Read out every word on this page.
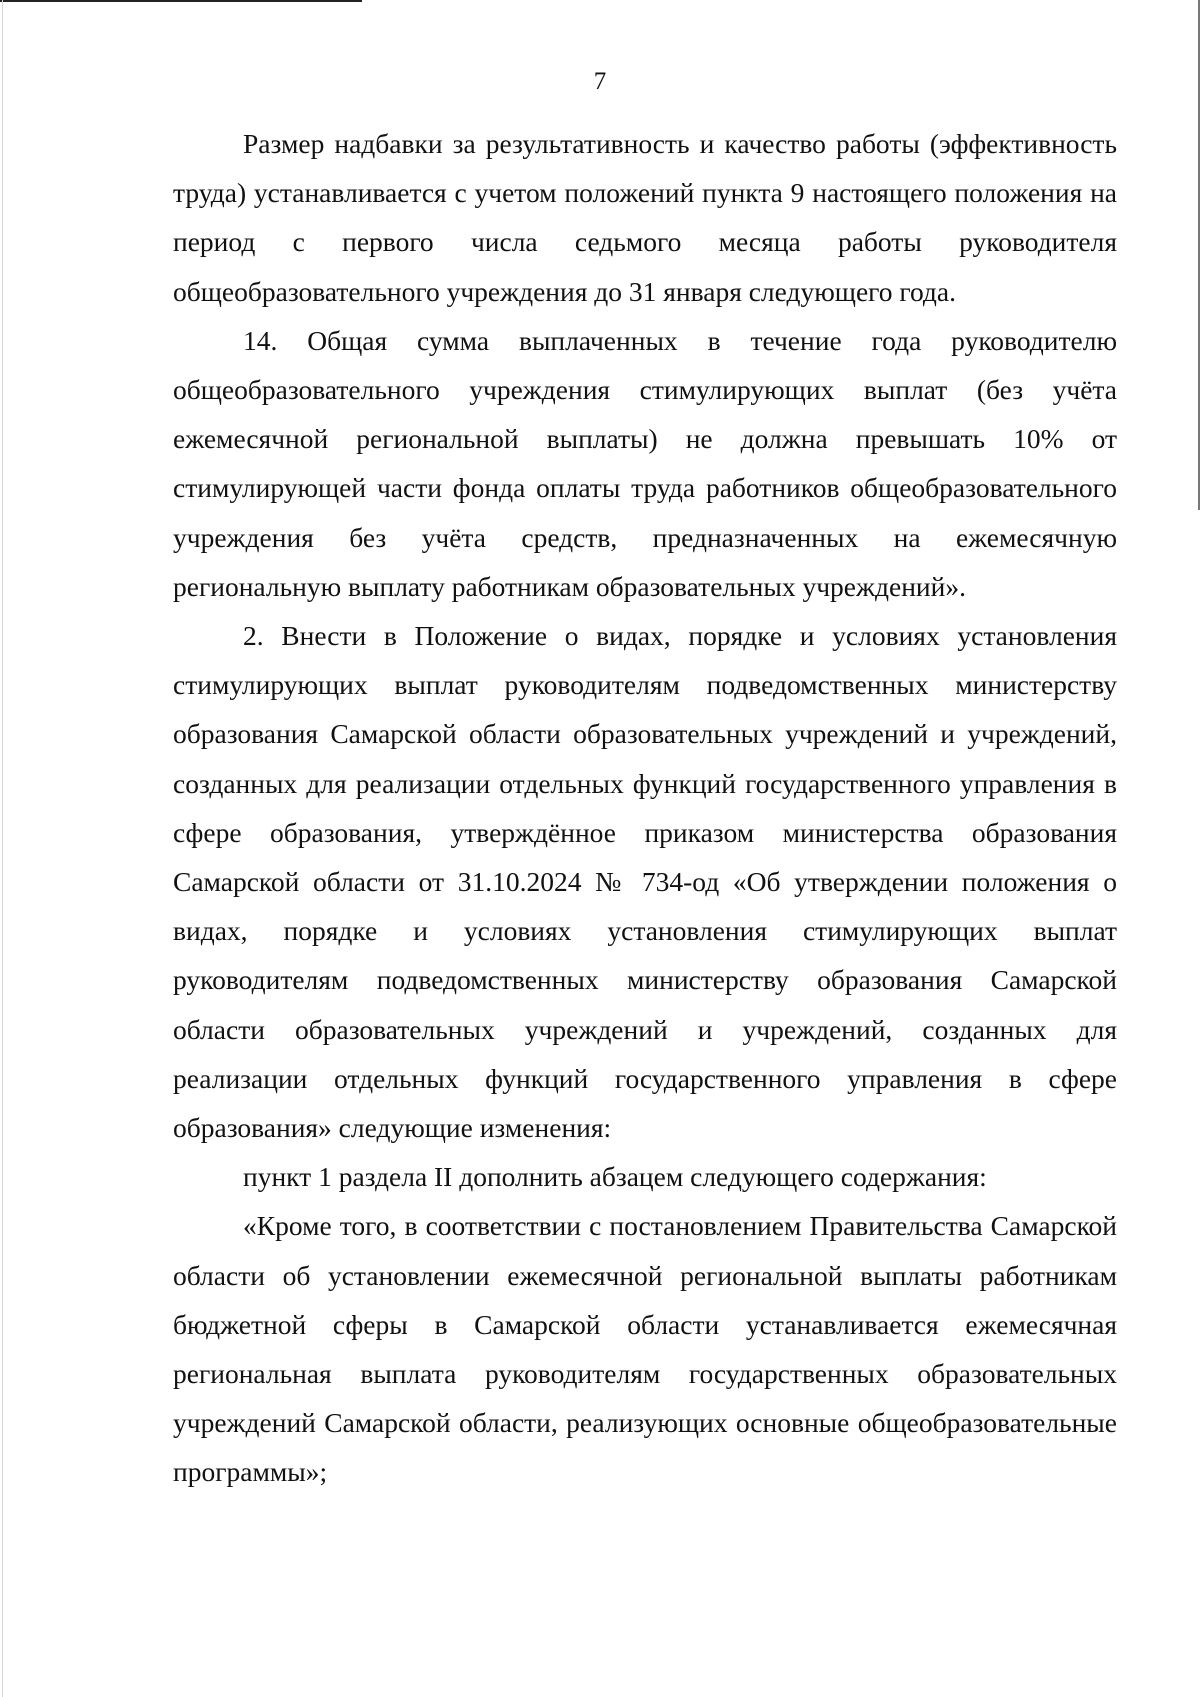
7

Размер надбавки за результативность и качество работы (эффективность труда) устанавливается с учетом положений пункта 9 настоящего положения на период с первого числа седьмого месяца работы руководителя общеобразовательного учреждения до 31 января следующего года.

14. Общая сумма выплаченных в течение года руководителю общеобразовательного учреждения стимулирующих выплат (без учёта ежемесячной региональной выплаты) не должна превышать 10% от стимулирующей части фонда оплаты труда работников общеобразовательного учреждения без учёта средств, предназначенных на ежемесячную региональную выплату работникам образовательных учреждений».

2. Внести в Положение о видах, порядке и условиях установления стимулирующих выплат руководителям подведомственных министерству образования Самарской области образовательных учреждений и учреждений, созданных для реализации отдельных функций государственного управления в сфере образования, утверждённое приказом министерства образования Самарской области от 31.10.2024 № 734-од «Об утверждении положения о видах, порядке и условиях установления стимулирующих выплат руководителям подведомственных министерству образования Самарской области образовательных учреждений и учреждений, созданных для реализации отдельных функций государственного управления в сфере образования» следующие изменения:

пункт 1 раздела II дополнить абзацем следующего содержания:

«Кроме того, в соответствии с постановлением Правительства Самарской области об установлении ежемесячной региональной выплаты работникам бюджетной сферы в Самарской области устанавливается ежемесячная региональная выплата руководителям государственных образовательных учреждений Самарской области, реализующих основные общеобразовательные программы»;
